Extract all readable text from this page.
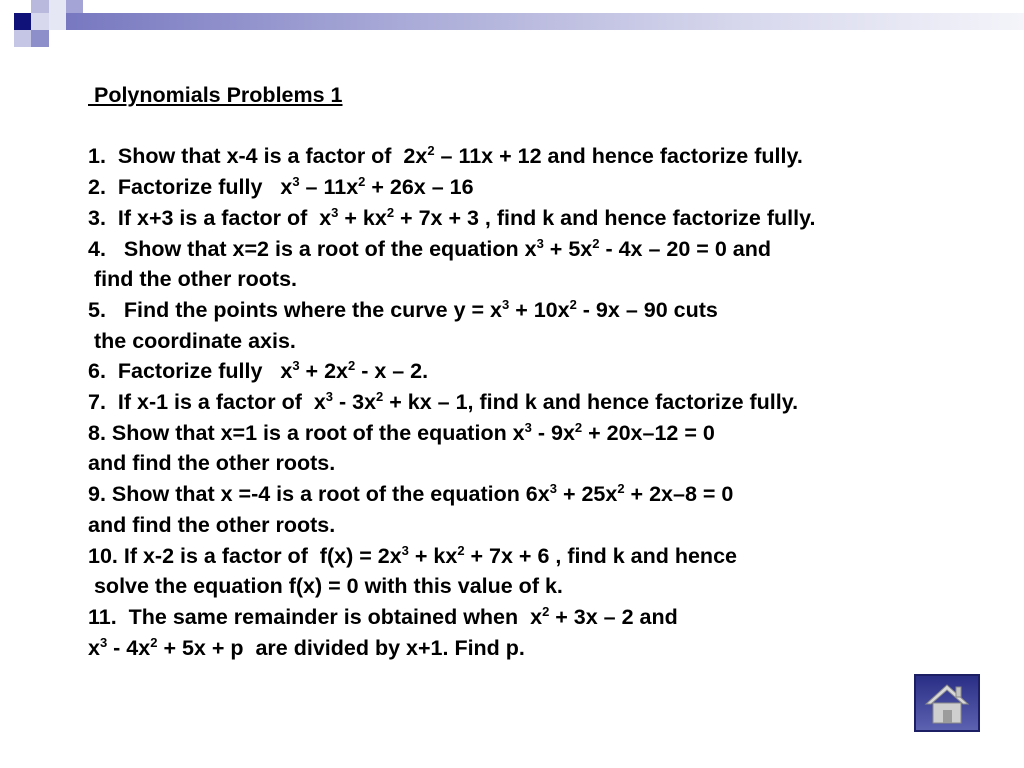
Polynomials Problems 1
1.  Show that x-4 is a factor of  $2x^2 - 11x + 12$ and hence factorize fully.
2.  Factorize fully   $x^3 - 11x^2 + 26x - 16$
3.  If x+3 is a factor of  $x^3 + kx^2 + 7x + 3$ , find k and hence factorize fully.
4.   Show that x=2 is a root of the equation $x^3 + 5x^2 - 4x - 20 = 0$ and
find the other roots.
5.   Find the points where the curve $y = x^3 + 10x^2 - 9x - 90$ cuts
the coordinate axis.
6.  Factorize fully   $x^3 + 2x^2 - x - 2$.
7.  If x-1 is a factor of  $x^3 - 3x^2$ + kx – 1, find k and hence factorize fully.
8. Show that x=1 is a root of the equation $x^3 - 9x^2 + 20x-12 = 0$
and find the other roots.
9. Show that x =-4 is a root of the equation $6x^3 + 25x^2 + 2x-8 = 0$
and find the other roots.
10. If x-2 is a factor of  $f(x) = 2x^3 + kx^2 + 7x + 6$ , find k and hence
solve the equation f(x) = 0 with this value of k.
11.  The same remainder is obtained when  $x^2 + 3x - 2$ and
$x^3 - 4x^2 + 5x + p$  are divided by x+1. Find p.
